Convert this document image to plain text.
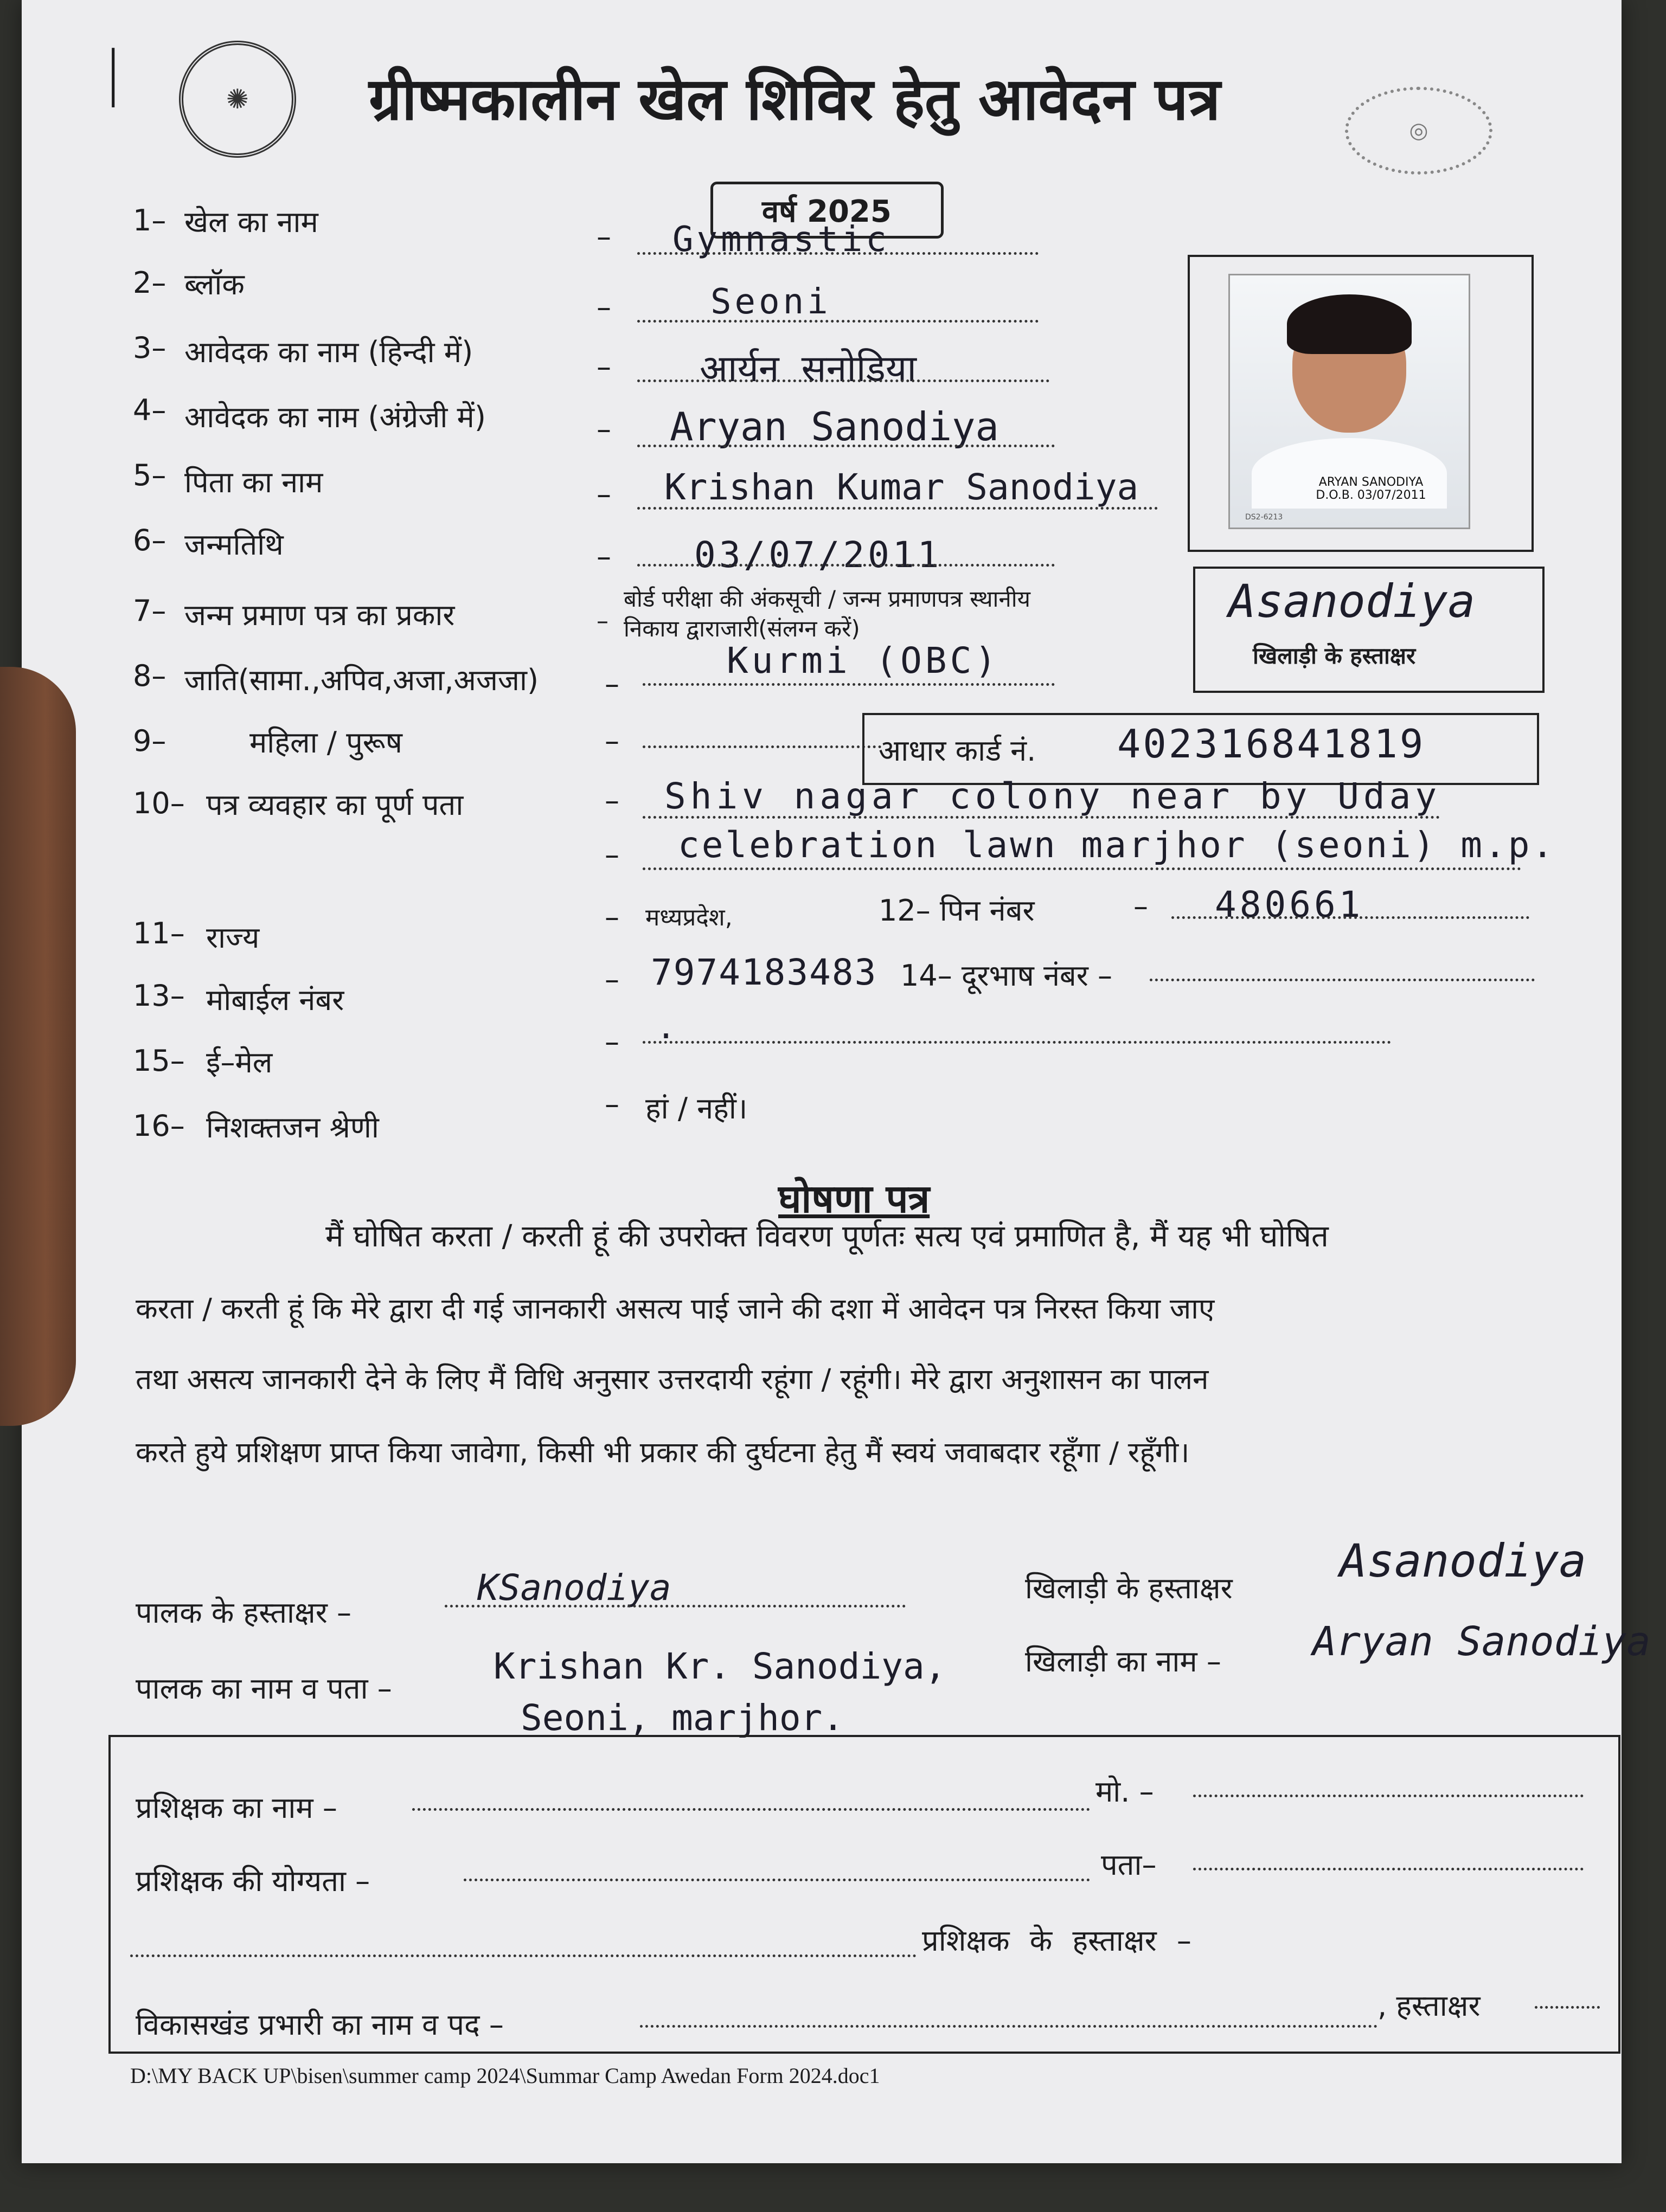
|	✺	ग्रीष्मकालीन खेल शिविर हेतु आवेदन पत्र	◎
वर्ष 2025
ARYAN SANODIYA
D.O.B. 03/07/2011
DS2-6213
1– खेल का नाम	– Gymnastic
2– ब्लॉक
–	Seoni
3– आवेदक का नाम (हिन्दी में)	– आर्यन सनोडिया
4– आवेदक का नाम (अंग्रेजी में)	– Aryan Sanodiya
5– पिता का नाम	– Krishan Kumar Sanodiya
6– जन्मतिथि	– 03/07/2011
7– जन्म प्रमाण पत्र का प्रकार	–
बोर्ड परीक्षा की अंकसूची / जन्म प्रमाणपत्र स्थानीय
निकाय द्वाराजारी(संलग्न करें)
8– जाति(सामा.,अपिव,अजा,अजजा) –
Kurmi (OBC)
9–	महिला / पुरूष	–
Asanodiya
खिलाड़ी के हस्ताक्षर
आधार कार्ड नं. 402316841819
10– पत्र व्यवहार का पूर्ण पता	– Shiv nagar colony near by Uday
– celebration lawn marjhor (seoni) m.p.
11– राज्य
– मध्यप्रदेश,	12– पिन नंबर	– 480661
13– मोबाईल नंबर
– 7974183483 14– दूरभाष नंबर –
15– ई–मेल
– .
16– निशक्तजन श्रेणी
– हां / नहीं।
घोषणा पत्र
मैं घोषित करता / करती हूं की उपरोक्त विवरण पूर्णतः सत्य एवं प्रमाणित है, मैं यह भी घोषित
करता / करती हूं कि मेरे द्वारा दी गई जानकारी असत्य पाई जाने की दशा में आवेदन पत्र निरस्त किया जाए
तथा असत्य जानकारी देने के लिए मैं विधि अनुसार उत्तरदायी रहूंगा / रहूंगी। मेरे द्वारा अनुशासन का पालन
करते हुये प्रशिक्षण प्राप्त किया जावेगा, किसी भी प्रकार की दुर्घटना हेतु मैं स्वयं जवाबदार रहूँगा / रहूँगी।
पालक के हस्ताक्षर –
KSanodiya	खिलाड़ी के हस्ताक्षर
Asanodiya
पालक का नाम व पता –
Krishan Kr. Sanodiya,
Seoni, marjhor.
खिलाड़ी का नाम – Aryan Sanodiya
प्रशिक्षक का नाम –	मो. –
प्रशिक्षक की योग्यता –	पता–
प्रशिक्षक के हस्ताक्षर –
विकासखंड प्रभारी का नाम व पद –
, हस्ताक्षर
D:\MY BACK UP\bisen\summer camp 2024\Summar Camp Awedan Form 2024.doc1
